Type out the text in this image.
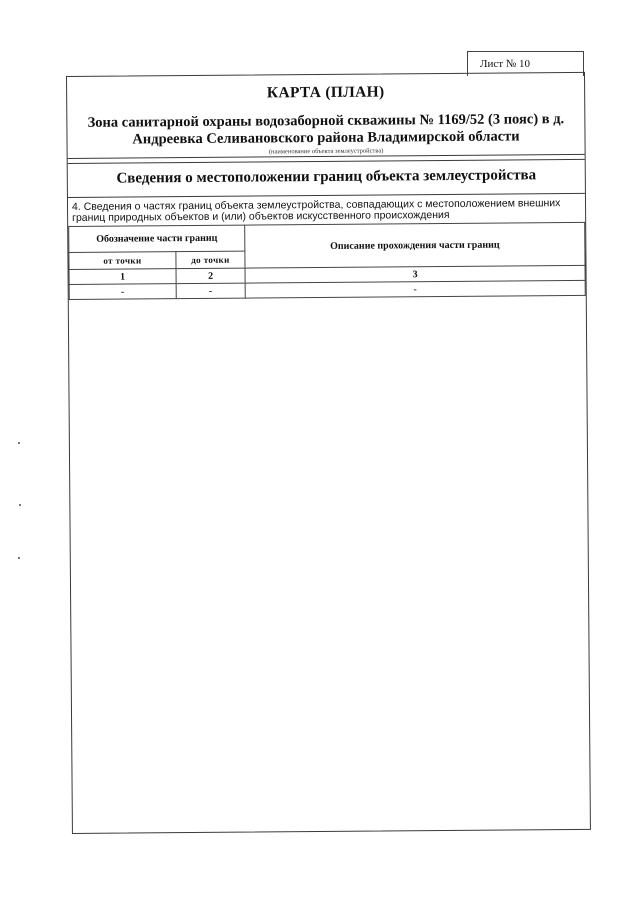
Лист № 10
КАРТА (ПЛАН)
Зона санитарной охраны водозаборной скважины № 1169/52 (3 пояс) в д.
Андреевка Селивановского района Владимирской области
(наименование объекта землеустройства)
Сведения о местоположении границ объекта землеустройства
4. Сведения о частях границ объекта землеустройства, совпадающих с местоположением внешних границ природных объектов и (или) объектов искусственного происхождения
Обозначение части границ		Описание прохождения части границ
от точки	до точки	
1	2	3
-	-	-
